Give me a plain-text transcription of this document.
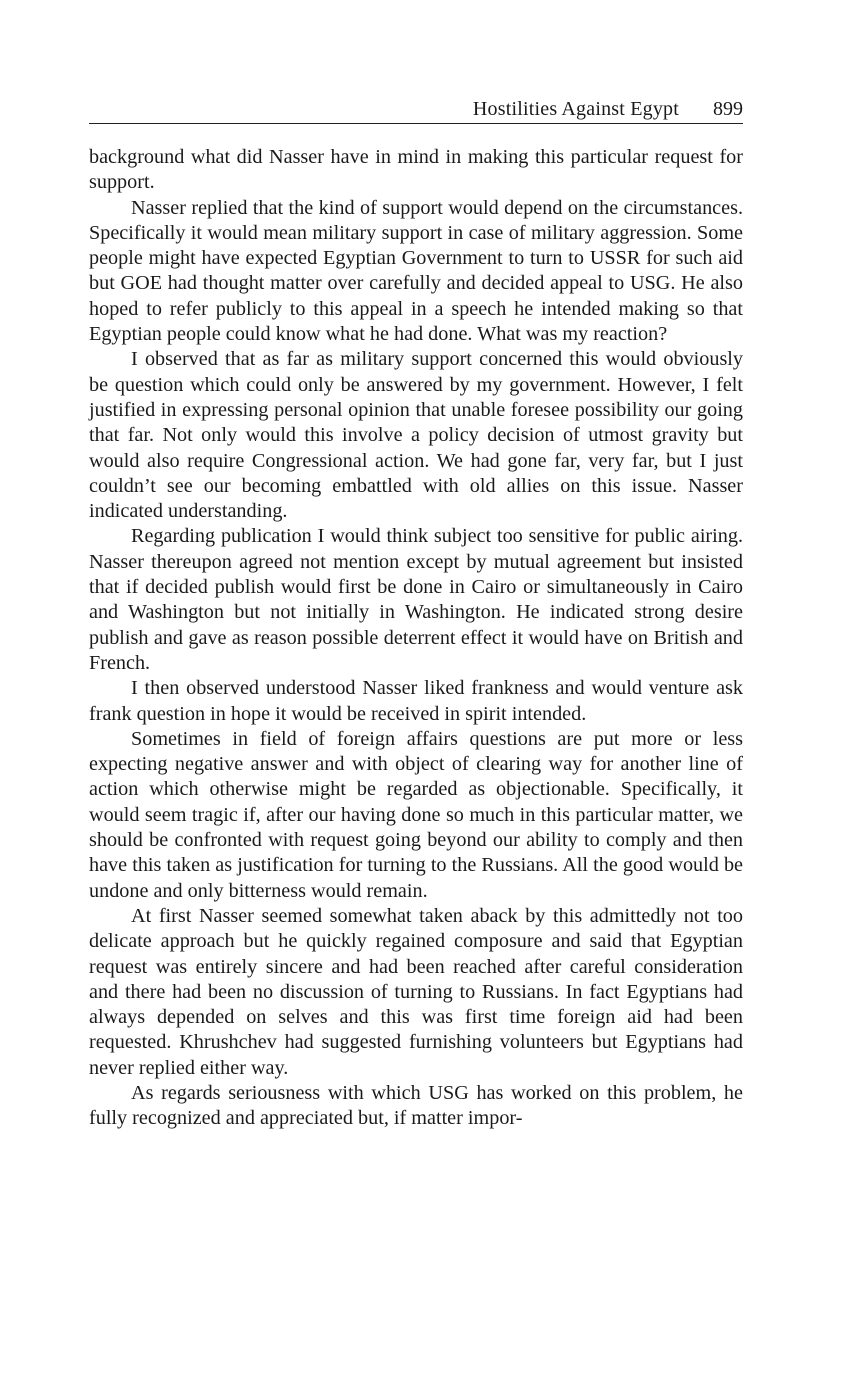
Hostilities Against Egypt 899

background what did Nasser have in mind in making this particular request for support.

Nasser replied that the kind of support would depend on the circumstances. Specifically it would mean military support in case of military aggression. Some people might have expected Egyptian Government to turn to USSR for such aid but GOE had thought matter over carefully and decided appeal to USG. He also hoped to refer publicly to this appeal in a speech he intended making so that Egyptian people could know what he had done. What was my reaction?

I observed that as far as military support concerned this would obviously be question which could only be answered by my government. However, I felt justified in expressing personal opinion that unable foresee possibility our going that far. Not only would this involve a policy decision of utmost gravity but would also require Congressional action. We had gone far, very far, but I just couldn’t see our becoming embattled with old allies on this issue. Nasser indicated understanding.

Regarding publication I would think subject too sensitive for public airing. Nasser thereupon agreed not mention except by mutual agreement but insisted that if decided publish would first be done in Cairo or simultaneously in Cairo and Washington but not initially in Washington. He indicated strong desire publish and gave as reason possible deterrent effect it would have on British and French.

I then observed understood Nasser liked frankness and would venture ask frank question in hope it would be received in spirit intended.

Sometimes in field of foreign affairs questions are put more or less expecting negative answer and with object of clearing way for another line of action which otherwise might be regarded as objectionable. Specifically, it would seem tragic if, after our having done so much in this particular matter, we should be confronted with request going beyond our ability to comply and then have this taken as justification for turning to the Russians. All the good would be undone and only bitterness would remain.

At first Nasser seemed somewhat taken aback by this admittedly not too delicate approach but he quickly regained composure and said that Egyptian request was entirely sincere and had been reached after careful consideration and there had been no discussion of turning to Russians. In fact Egyptians had always depended on selves and this was first time foreign aid had been requested. Khrushchev had suggested furnishing volunteers but Egyptians had never replied either way.

As regards seriousness with which USG has worked on this problem, he fully recognized and appreciated but, if matter impor-
